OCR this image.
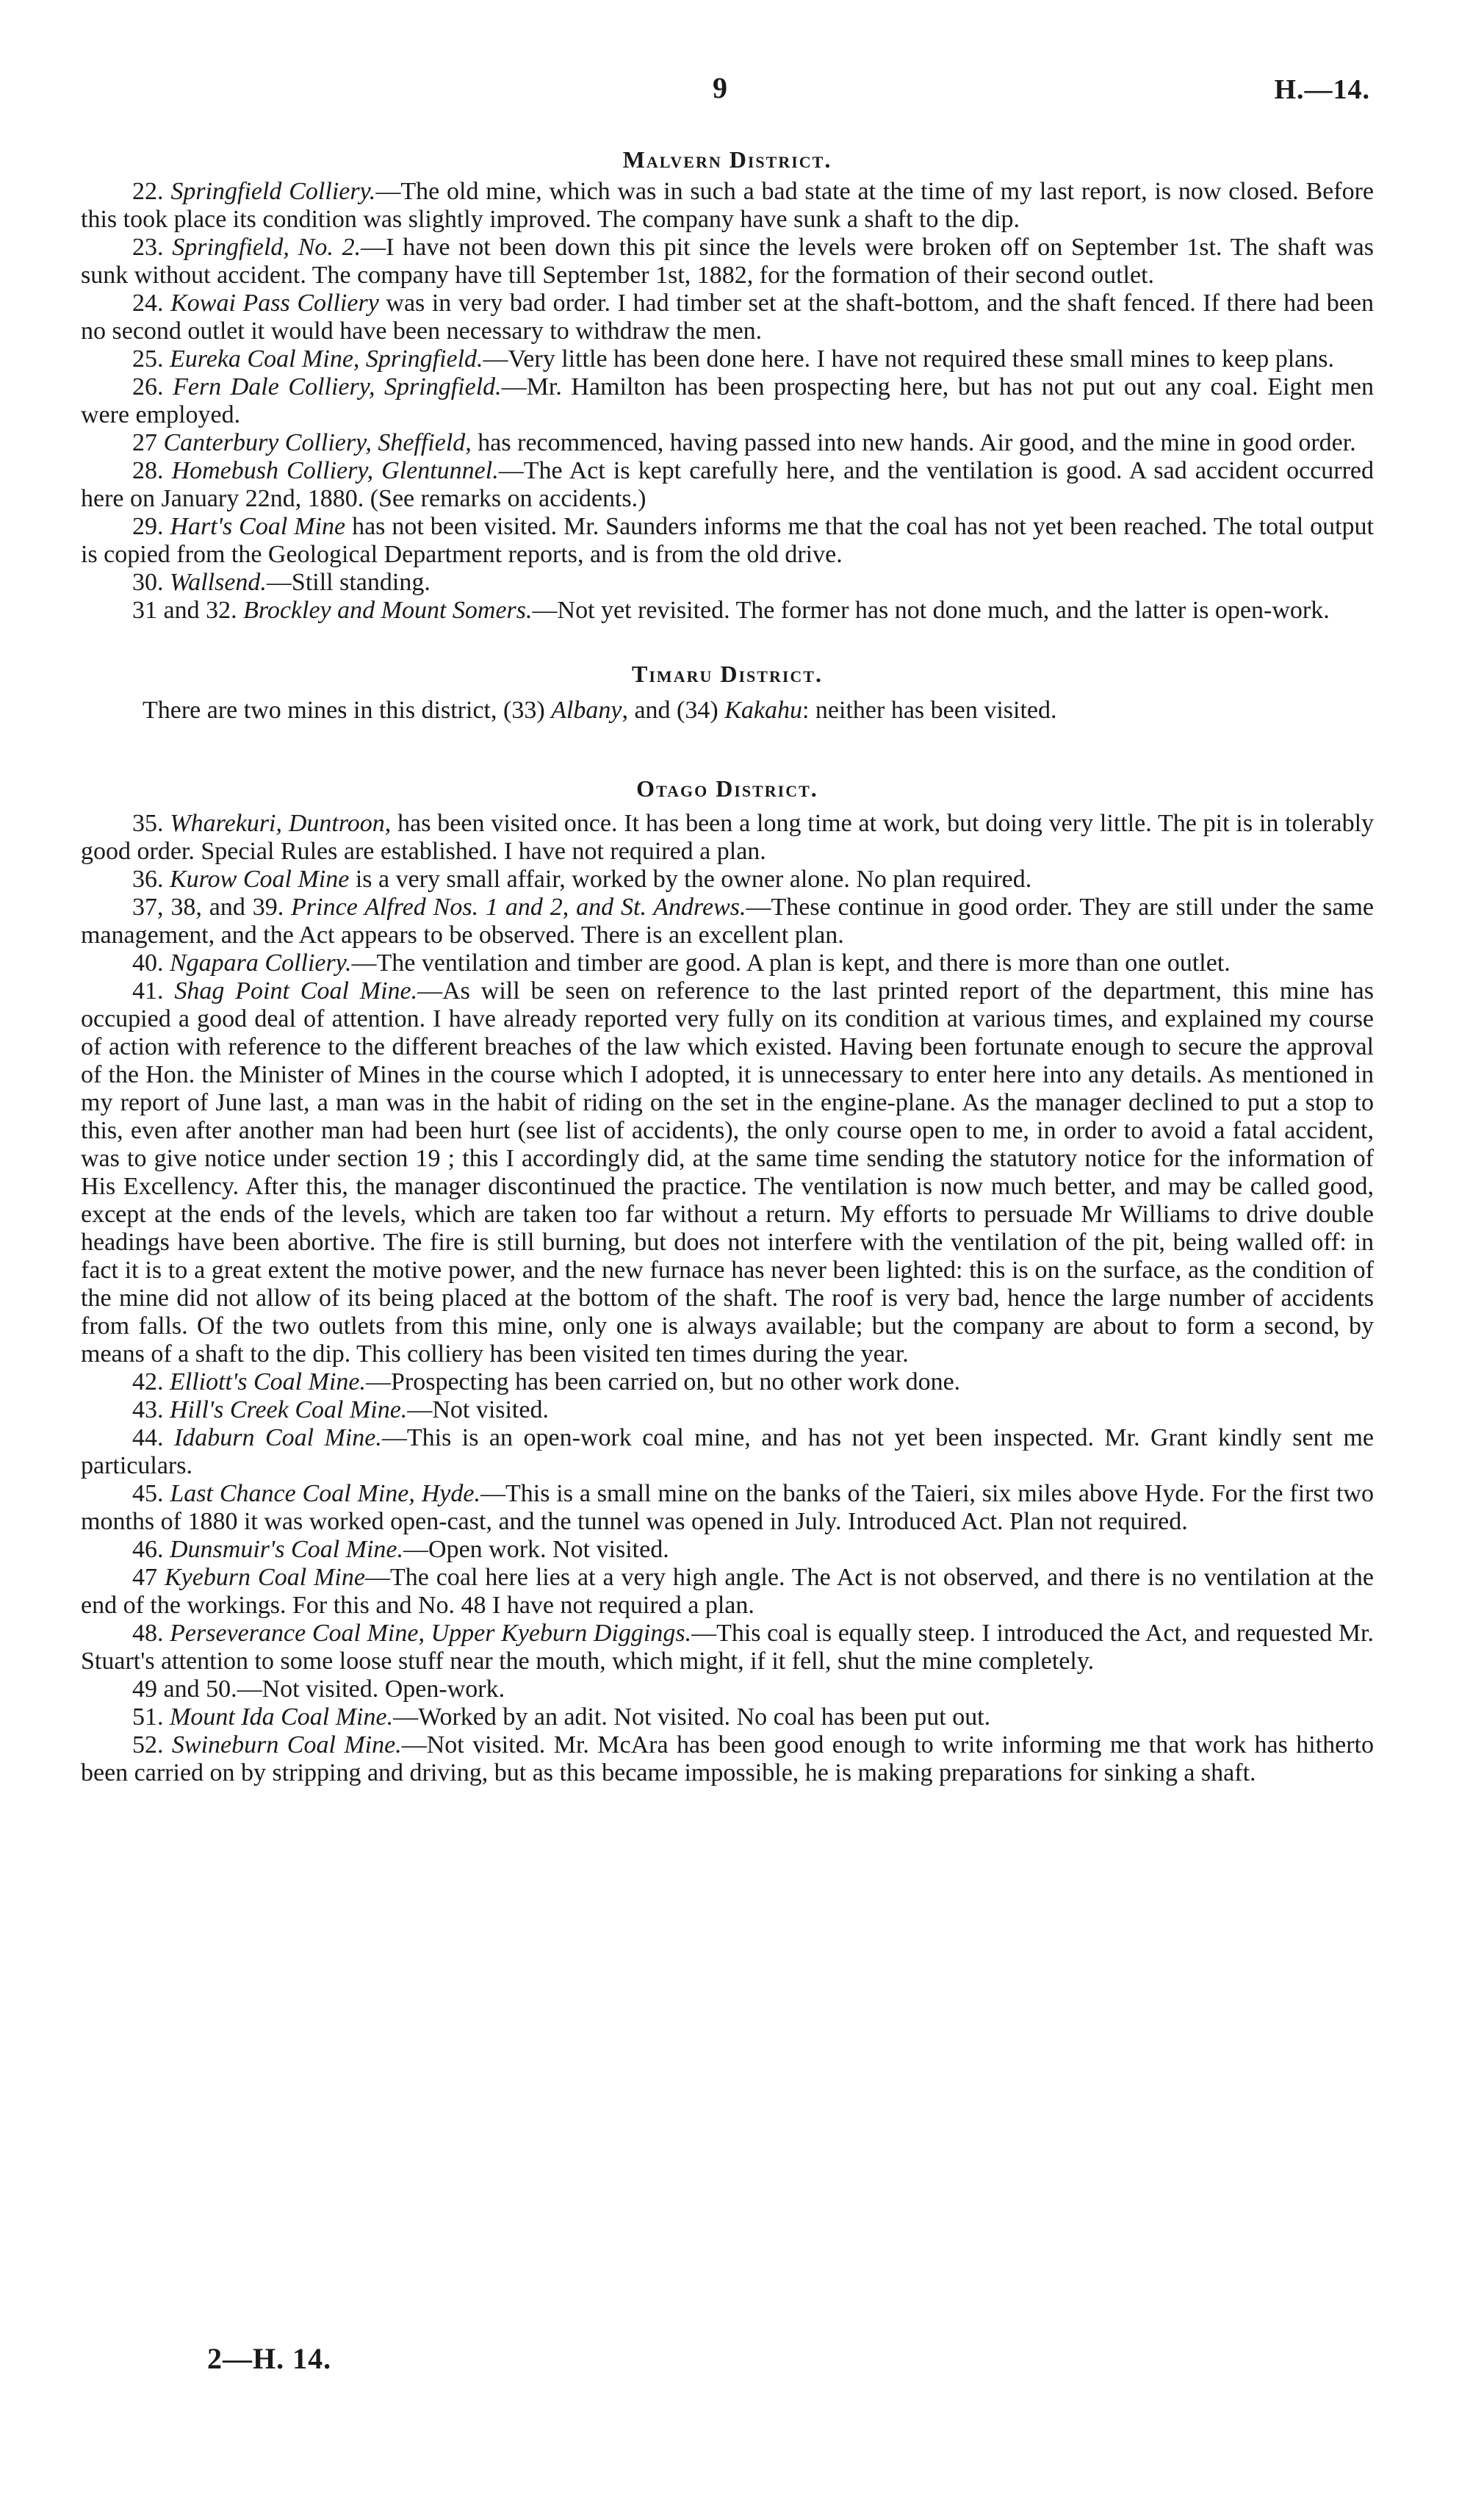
9	H.—14.
Malvern District.

22. Springfield Colliery.—The old mine, which was in such a bad state at the time of my last report, is now closed. Before this took place its condition was slightly improved. The company have sunk a shaft to the dip.

23. Springfield, No. 2.—I have not been down this pit since the levels were broken off on September 1st. The shaft was sunk without accident. The company have till September 1st, 1882, for the formation of their second outlet.

24. Kowai Pass Colliery was in very bad order. I had timber set at the shaft-bottom, and the shaft fenced. If there had been no second outlet it would have been necessary to withdraw the men.

25. Eureka Coal Mine, Springfield.—Very little has been done here. I have not required these small mines to keep plans.

26. Fern Dale Colliery, Springfield.—Mr. Hamilton has been prospecting here, but has not put out any coal. Eight men were employed.

27 Canterbury Colliery, Sheffield, has recommenced, having passed into new hands. Air good, and the mine in good order.

28. Homebush Colliery, Glentunnel.—The Act is kept carefully here, and the ventilation is good. A sad accident occurred here on January 22nd, 1880. (See remarks on accidents.)

29. Hart's Coal Mine has not been visited. Mr. Saunders informs me that the coal has not yet been reached. The total output is copied from the Geological Department reports, and is from the old drive.

30. Wallsend.—Still standing.

31 and 32. Brockley and Mount Somers.—Not yet revisited. The former has not done much, and the latter is open-work.

Timaru District.

There are two mines in this district, (33) Albany, and (34) Kakahu: neither has been visited.

Otago District.

35. Wharekuri, Duntroon, has been visited once. It has been a long time at work, but doing very little. The pit is in tolerably good order. Special Rules are established. I have not required a plan.

36. Kurow Coal Mine is a very small affair, worked by the owner alone. No plan required.

37, 38, and 39. Prince Alfred Nos. 1 and 2, and St. Andrews.—These continue in good order. They are still under the same management, and the Act appears to be observed. There is an excellent plan.

40. Ngapara Colliery.—The ventilation and timber are good. A plan is kept, and there is more than one outlet.

41. Shag Point Coal Mine.—As will be seen on reference to the last printed report of the department, this mine has occupied a good deal of attention. I have already reported very fully on its condition at various times, and explained my course of action with reference to the different breaches of the law which existed. Having been fortunate enough to secure the approval of the Hon. the Minister of Mines in the course which I adopted, it is unnecessary to enter here into any details. As mentioned in my report of June last, a man was in the habit of riding on the set in the engine-plane. As the manager declined to put a stop to this, even after another man had been hurt (see list of accidents), the only course open to me, in order to avoid a fatal accident, was to give notice under section 19 ; this I accordingly did, at the same time sending the statutory notice for the information of His Excellency. After this, the manager discontinued the practice. The ventilation is now much better, and may be called good, except at the ends of the levels, which are taken too far without a return. My efforts to persuade Mr Williams to drive double headings have been abortive. The fire is still burning, but does not interfere with the ventilation of the pit, being walled off: in fact it is to a great extent the motive power, and the new furnace has never been lighted: this is on the surface, as the condition of the mine did not allow of its being placed at the bottom of the shaft. The roof is very bad, hence the large number of accidents from falls. Of the two outlets from this mine, only one is always available; but the company are about to form a second, by means of a shaft to the dip. This colliery has been visited ten times during the year.

42. Elliott's Coal Mine.—Prospecting has been carried on, but no other work done.

43. Hill's Creek Coal Mine.—Not visited.

44. Idaburn Coal Mine.—This is an open-work coal mine, and has not yet been inspected. Mr. Grant kindly sent me particulars.

45. Last Chance Coal Mine, Hyde.—This is a small mine on the banks of the Taieri, six miles above Hyde. For the first two months of 1880 it was worked open-cast, and the tunnel was opened in July. Introduced Act. Plan not required.

46. Dunsmuir's Coal Mine.—Open work. Not visited.

47 Kyeburn Coal Mine—The coal here lies at a very high angle. The Act is not observed, and there is no ventilation at the end of the workings. For this and No. 48 I have not required a plan.

48. Perseverance Coal Mine, Upper Kyeburn Diggings.—This coal is equally steep. I introduced the Act, and requested Mr. Stuart's attention to some loose stuff near the mouth, which might, if it fell, shut the mine completely.

49 and 50.—Not visited. Open-work.

51. Mount Ida Coal Mine.—Worked by an adit. Not visited. No coal has been put out.

52. Swineburn Coal Mine.—Not visited. Mr. McAra has been good enough to write informing me that work has hitherto been carried on by stripping and driving, but as this became impossible, he is making preparations for sinking a shaft.

2—H. 14.
